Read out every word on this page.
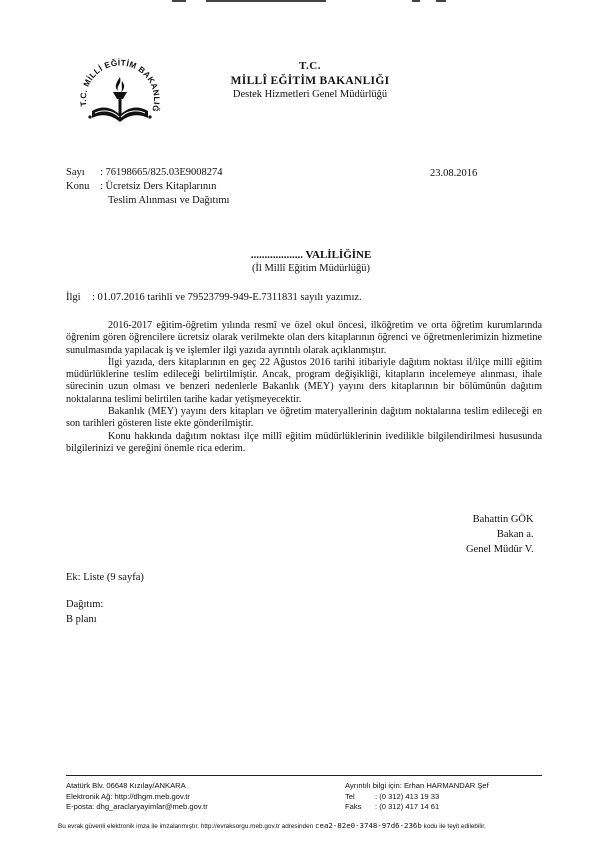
T.C. MİLLİ EĞİTİM BAKANLIĞ
T.C.
MİLLÎ EĞİTİM BAKANLIĞI
Destek Hizmetleri Genel Müdürlüğü
Sayı : 76198665/825.03E9008274
Konu : Ücretsiz Ders Kitaplarının
Teslim Alınması ve Dağıtımı
23.08.2016
................... VALİLİĞİNE
(İl Millî Eğitim Müdürlüğü)
İlgi : 01.07.2016 tarihli ve 79523799-949-E.7311831 sayılı yazımız.

2016-2017 eğitim-öğretim yılında resmî ve özel okul öncesi, ilköğretim ve orta öğretim kurumlarında öğrenim gören öğrencilere ücretsiz olarak verilmekte olan ders kitaplarının öğrenci ve öğretmenlerimizin hizmetine sunulmasında yapılacak iş ve işlemler ilgi yazıda ayrıntılı olarak açıklanmıştır.

İlgi yazıda, ders kitaplarının en geç 22 Ağustos 2016 tarihi itibariyle dağıtım noktası il/ilçe millî eğitim müdürlüklerine teslim edileceği belirtilmiştir. Ancak, program değişikliği, kitapların incelemeye alınması, ihale sürecinin uzun olması ve benzeri nedenlerle Bakanlık (MEY) yayını ders kitaplarının bir bölümünün dağıtım noktalarına teslimi belirtilen tarihe kadar yetişmeyecektir.

Bakanlık (MEY) yayını ders kitapları ve öğretim materyallerinin dağıtım noktalarına teslim edileceği en son tarihleri gösteren liste ekte gönderilmiştir.

Konu hakkında dağıtım noktası ilçe millî eğitim müdürlüklerinin ivedilikle bilgilendirilmesi hususunda bilgilerinizi ve gereğini önemle rica ederim.

Bahattin GÖK
Bakan a.
Genel Müdür V.
Ek: Liste (9 sayfa)
Dağıtım:
B planı
Atatürk Blv. 06648 Kızılay/ANKARA
Elektronik Ağ: http://dhgm.meb.gov.tr
E-posta: dhg_araclaryayimlar@meb.gov.tr
Ayrıntılı bilgi için: Erhan HARMANDAR Şef
Tel	: (0 312) 413 19 33
Faks : (0 312) 417 14 61
Bu evrak güvenli elektronik imza ile imzalanmıştır. http://evraksorgu.meb.gov.tr adresinden cea2-82e0-3748-97d6-236b kodu ile teyit edilebilir.
